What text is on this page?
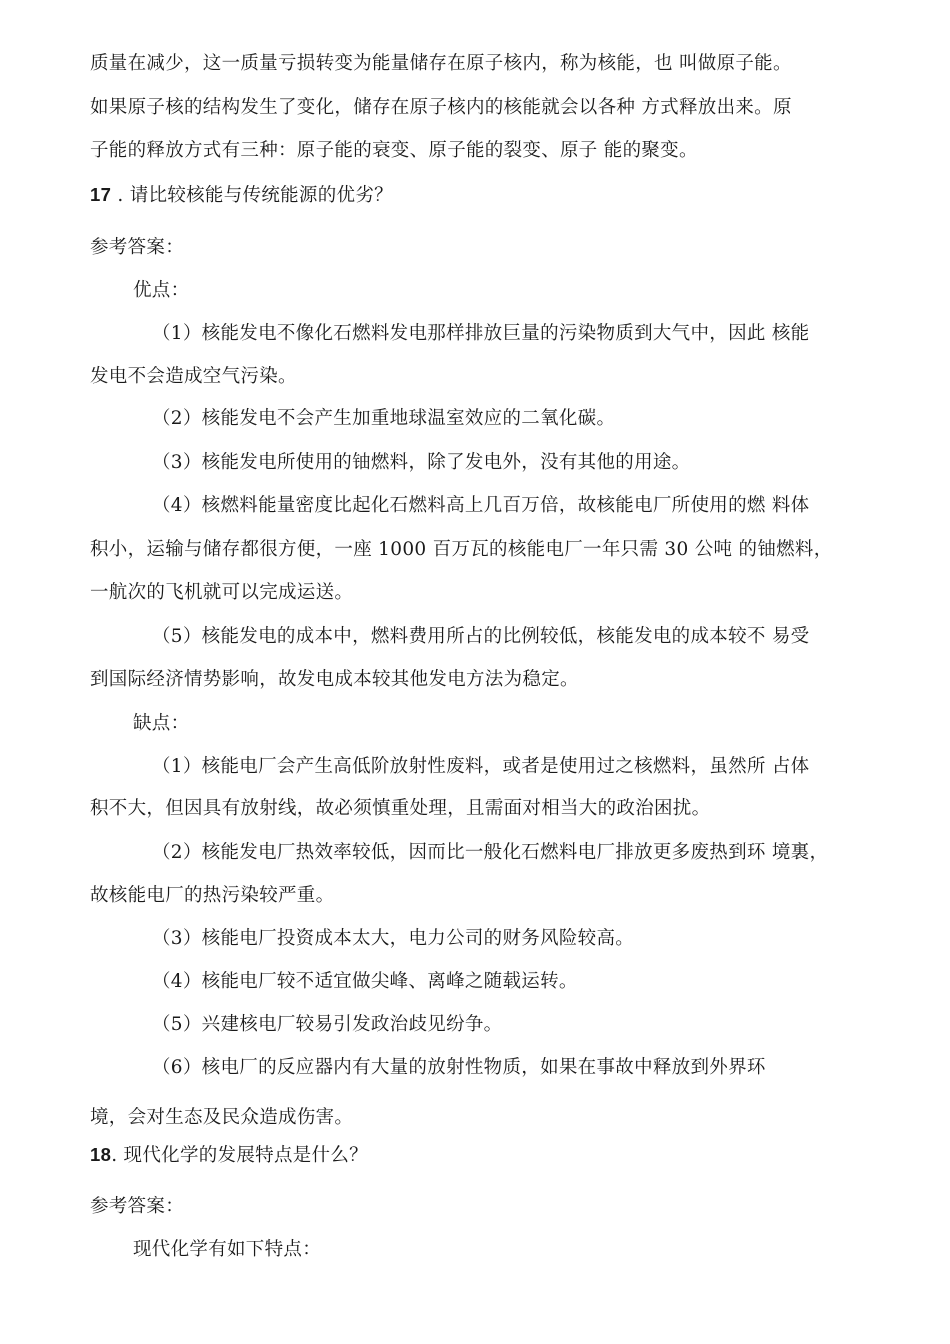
质量在减少，这一质量亏损转变为能量储存在原子核内，称为核能，也 叫做原子能。
如果原子核的结构发生了变化，储存在原子核内的核能就会以各种 方式释放出来。原
子能的释放方式有三种：原子能的衰变、原子能的裂变、原子 能的聚变。
17 . 请比较核能与传统能源的优劣？
参考答案：
优点：
（1）核能发电不像化石燃料发电那样排放巨量的污染物质到大气中，因此 核能
发电不会造成空气污染。
（2）核能发电不会产生加重地球温室效应的二氧化碳。
（3）核能发电所使用的铀燃料，除了发电外，没有其他的用途。
（4）核燃料能量密度比起化石燃料高上几百万倍，故核能电厂所使用的燃 料体
积小，运输与储存都很方便，一座 1000 百万瓦的核能电厂一年只需 30 公吨 的铀燃料，
一航次的飞机就可以完成运送。
（5）核能发电的成本中，燃料费用所占的比例较低，核能发电的成本较不 易受
到国际经济情势影响，故发电成本较其他发电方法为稳定。
缺点：
（1）核能电厂会产生高低阶放射性废料，或者是使用过之核燃料，虽然所 占体
积不大，但因具有放射线，故必须慎重处理，且需面对相当大的政治困扰。
（2）核能发电厂热效率较低，因而比一般化石燃料电厂排放更多废热到环 境裏，
故核能电厂的热污染较严重。
（3）核能电厂投资成本太大，电力公司的财务风险较高。
（4）核能电厂较不适宜做尖峰、离峰之随载运转。
（5）兴建核电厂较易引发政治歧见纷争。
（6）核电厂的反应器内有大量的放射性物质，如果在事故中释放到外界环
境，会对生态及民众造成伤害。
18. 现代化学的发展特点是什么？
参考答案：
现代化学有如下特点：
